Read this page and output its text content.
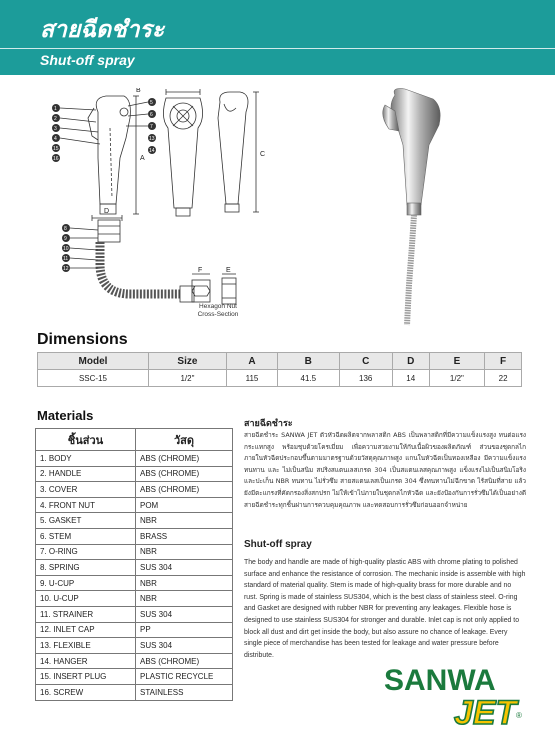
สายฉีดชำระ
Shut-off spray
B
A
C
D
F	E
1
2
3
4
5
6
7
8
9
10
11
12
13
14
15
16
Hexagon Nut
Cross-Section
Dimensions
Model	Size	A	B	C	D	E	F
SSC-15	1/2"	115	41.5	136	14	1/2"	22
Materials
ชิ้นส่วน	วัสดุ
1. BODY	ABS (CHROME)
2. HANDLE	ABS (CHROME)
3. COVER	ABS (CHROME)
4. FRONT NUT	POM
5. GASKET	NBR
6. STEM	BRASS
7. O-RING	NBR
8. SPRING	SUS 304
9. U-CUP	NBR
10. U-CUP	NBR
11. STRAINER	SUS 304
12. INLET CAP	PP
13. FLEXIBLE	SUS 304
14. HANGER	ABS (CHROME)
15. INSERT PLUG	PLASTIC RECYCLE
16. SCREW	STAINLESS
สายฉีดชำระ
สายฉีดชำระ SANWA JET ตัวหัวฉีดผลิตจากพลาสติก ABS เป็นพลาสติกที่มีความแข็งแรงสูง ทนต่อแรงกระแทกสูง พร้อมชุบด้วยโครเมี่ยม เพื่อความสวยงามให้กับเนื้อผิวของผลิตภัณฑ์ ส่วนของชุดกลไกภายในหัวฉีดประกอบขึ้นตามมาตรฐานด้วยวัสดุคุณภาพสูง แกนในหัวฉีดเป็นทองเหลือง มีความแข็งแรงทนทาน และ ไม่เป็นสนิม สปริงสแตนเลสเกรด 304 เป็นสแตนเลสคุณภาพสูง แข็งแรงไม่เป็นสนิมโอริงและปะเก็น NBR ทนทาน ไม่รั่วซึม สายสแตนเลสเป็นเกรด 304 ซึ่งทนทานไม่ฉีกขาด ไร้สนิมที่สาย แล้วยังมีตะแกรงที่คัดกรองสิ่งสกปรก ไม่ให้เข้าไปภายในชุดกลไกหัวฉีด และยังป้องกันการรั่วซึมได้เป็นอย่างดี สายฉีดชำระทุกชิ้นผ่านการควบคุมคุณภาพ และทดสอบการรั่วซึมก่อนออกจำหน่าย
Shut-off spray
The body and handle are made of high-quality plastic ABS with chrome plating to polished surface and enhance the resistance of corrosion. The mechanic inside is assemble with high standard of material quality. Stem is made of high-quality brass for more durable and no rust. Spring is made of stainless SUS304, which is the best class of stainless steel. O-ring and Gasket are designed with rubber NBR for preventing any leakages. Flexible hose is designed to use stainless SUS304 for stronger and durable. Inlet cap is not only applied to block all dust and dirt get inside the body, but also assure no chance of leakage. Every single piece of merchandise has been tested for leakage and water pressure before distribute.
SANWA
JET ®
